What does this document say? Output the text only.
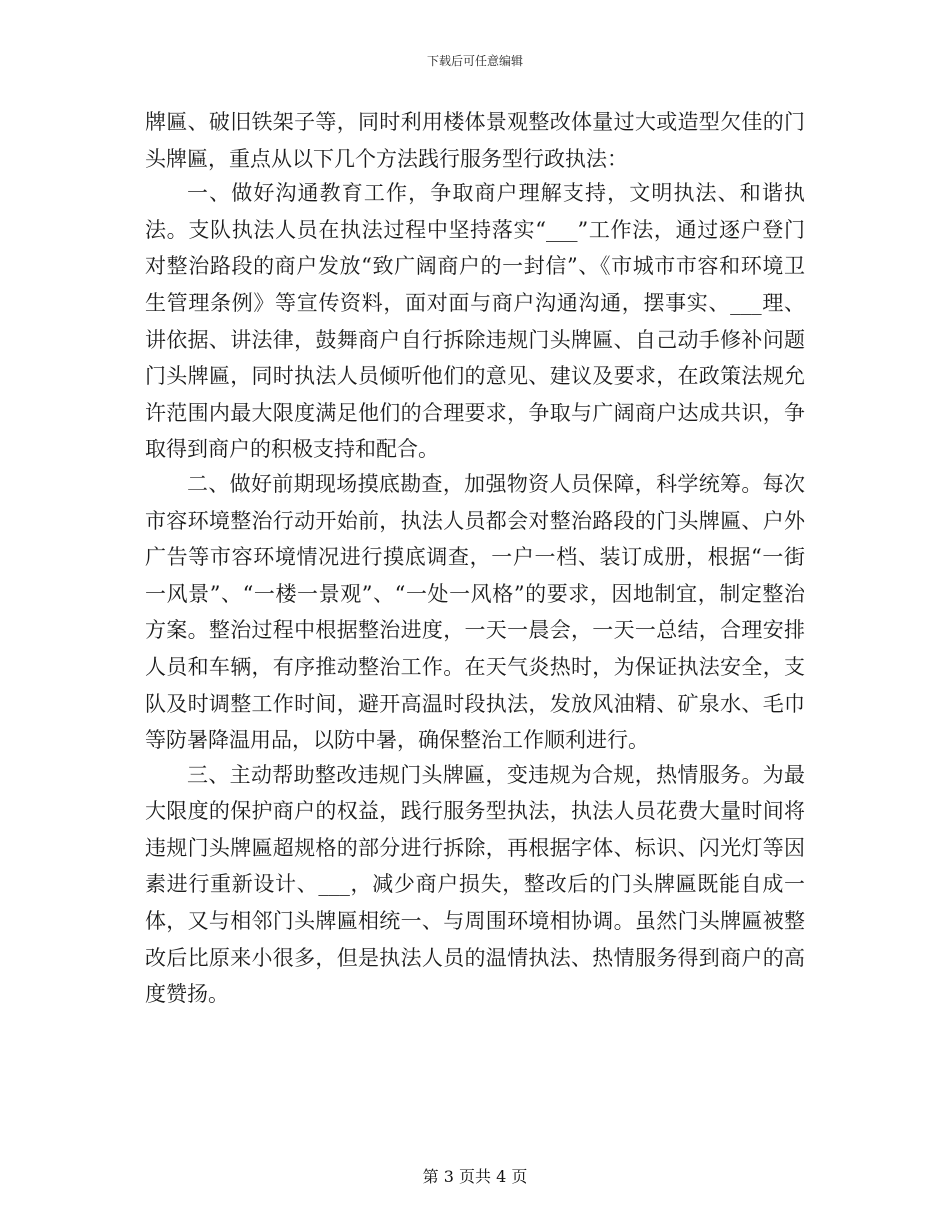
下载后可任意编辑

牌匾、破旧铁架子等，同时利用楼体景观整改体量过大或造型欠佳的门头牌匾，重点从以下几个方法践行服务型行政执法：

一、做好沟通教育工作，争取商户理解支持，文明执法、和谐执法。支队执法人员在执法过程中坚持落实“___”工作法，通过逐户登门对整治路段的商户发放“致广阔商户的一封信”、《市城市市容和环境卫生管理条例》等宣传资料，面对面与商户沟通沟通，摆事实、___理、讲依据、讲法律，鼓舞商户自行拆除违规门头牌匾、自己动手修补问题门头牌匾，同时执法人员倾听他们的意见、建议及要求，在政策法规允许范围内最大限度满足他们的合理要求，争取与广阔商户达成共识，争取得到商户的积极支持和配合。

二、做好前期现场摸底勘查，加强物资人员保障，科学统筹。每次市容环境整治行动开始前，执法人员都会对整治路段的门头牌匾、户外广告等市容环境情况进行摸底调查，一户一档、装订成册，根据“一街一风景”、“一楼一景观”、“一处一风格”的要求，因地制宜，制定整治方案。整治过程中根据整治进度，一天一晨会，一天一总结，合理安排人员和车辆，有序推动整治工作。在天气炎热时，为保证执法安全，支队及时调整工作时间，避开高温时段执法，发放风油精、矿泉水、毛巾等防暑降温用品，以防中暑，确保整治工作顺利进行。

三、主动帮助整改违规门头牌匾，变违规为合规，热情服务。为最大限度的保护商户的权益，践行服务型执法，执法人员花费大量时间将违规门头牌匾超规格的部分进行拆除，再根据字体、标识、闪光灯等因素进行重新设计、___，减少商户损失，整改后的门头牌匾既能自成一体，又与相邻门头牌匾相统一、与周围环境相协调。虽然门头牌匾被整改后比原来小很多，但是执法人员的温情执法、热情服务得到商户的高度赞扬。

第 3 页共 4 页
